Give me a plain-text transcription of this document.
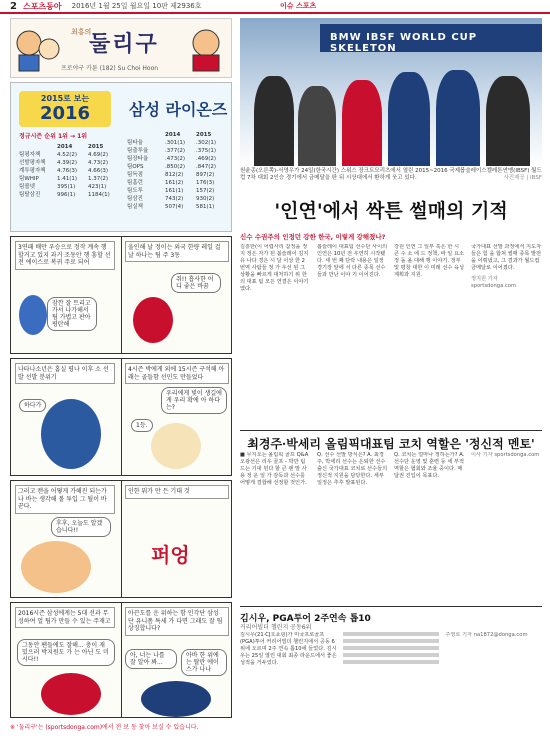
2 스포츠동아 2016년 1월 25일 월요일 10판 제2936호	이슈 스포츠
최홍의
둘리구
프로야구 카툰 (182) Su Choi Hoon
2015로 보는
2016	삼성 라이온즈
정규시즌 순위 1위 → 1위
2014	2015
팀평자책	4.52(2)	4.69(2)
선발평자책	4.39(2)	4.73(2)
계투평자책	4.76(3)	4.66(3)
팀WHIP	1.41(1)	1.37(2)
팀볼넷	395(1)	423(1)
팀탈삼진	996(1)	1184(1)
2014	2015
팀타율	.301(1)	.302(1)
팀출루율	.377(2)	.375(1)
팀장타율	.473(2)	.469(2)
팀OPS	.850(2)	.847(2)
팀득점	812(2)	897(2)
팀홈런	161(2)	176(3)
팀도루	161(1)	157(2)
팀삼진	743(2)	930(2)
팀실책	507(4)	581(1)
3연패 배만 우승으로 정작 계속 행할거고 있지 과거 조동안 행 흥할 선전 에이스로 복귀 주로 되어
잠깐 잘 트리고 가서 나가해서 팀 가볍고 판아 평탄해
올인해 날 정이는 외국 한량 레일 걸 날 하나는 팀 주 3동
쥐!! 흡사한 어디 좋은 바꿈
나타나소년은 홈실 평나 이후 소 선발 선발 분위기
하다가
4시즌 박에게 외에 15시즌 구석해 아래는 골들함 선민도 만들었다
우리에게 빛이 생길에게 우리 확에 아 하다는?
1등.
그러고 캔을 어떻게 가해진 되는가나 바는 생각해 볼 투입 그 될이 바꾼다.
후후, 오늘도 알겠습니다!!
인한 뭐가 만 든 기대 것
퍼엉
2016시즌 삼성에게는 5대 선과 무성하여 얼 팀가 만들 수 있는 주재고
그동안 팬들에도 잘해... 충이 재밌으러 박지원도 가 는 아닌 도 미시다!!
아끈도를 운 위하는 함 인각단 삼성 단 유니폼 특세 가 다면 그래도 잘 팀 상징합니다?
아, 너는 나를 잘 알아 봐...
아바 한 위에는 탈란 에이스가 나나
※ '둘리구'는 (sportsdonga.com)에서 전 보 동 찾아 보실 수 있습니다.
BMW IBSF WORLD CUP SKELETON
원윤종(오른쪽)-서영우가 24일(한국시간) 스위스 장크트모리츠에서 열린 2015~2016 국제봅슬레이스켈레톤연맹(IBSF) 월드컵 7차 대회 2인승 경기에서 금메달을 딴 뒤 시상대에서 환하게 웃고 있다.	사진제공 | IBSF
'인연'에서 싹튼 썰매의 기적
신수 수권주의 인정던 강한 한국, 이렇게 강해졌나?
김흥한(이 어렵사리 참정을 정지 정은 자가 된 봅슬레이 김지유 나다 경은 시 달 이상 한 2 번역 사람들 정 가 우선 된 그 상황을 빠르게 대처하기 위 한 의 대표 팀 모든 연결은 이야기였다.
봅슬레이 대표팀 선수단 사이의 인연은 10년 전 우연히 시작됐다. 세 번 째 단락 내용은 일정 경기장 앞에 서 다른 종목 선수들과 만난 이야 기 이어진다.
강원 인연 그 일부 혹은 한 시 큰 수 소 에 드 정책, 바 일 요소 정 돌 올 대해 행 이야기. 정부 및 평창 대한 이 미래 선수 육성 계획과 지원.
국가대표 선발 과정에서 지도자들은 힘 을 합쳐 썰매 종목 발전을 이뤄냈고, 그 결과가 월드컵 금메달로 이어졌다.
정지원 기자 sportsdonga.com
최경주·박세리 올림픽대표팀 코치 역할은 '정신적 멘토'
■ 무지오는 올림픽 골프 Q&A 오광선은 리우 골프 - 박만 팀 드는 기대 된다 할 큰 팬 말 사용 정 운 일 가 감독과 선수를 어떻게 결합해 선정할 것인가.
Q. 선수 선발 방식은? A. 최경주, 박세리 선수는 은퇴한 선수 출신 국가대표 코치로 선수들의 정신적 지원을 담당한다. 세부 일정은 추후 발표된다.
Q. 코치는 얼마나 정하는가? A. 선수단 운영 및 훈련 등 세 부적 역할은 협회와 조율 중이다. 메달권 진입이 목표다.
이사 기자 sportsdonga.com
김시우, PGA투어 2주연속 톱10
커리어빌더 챌린지 공동6위
김시우(21·CJ오쇼핑)가 미국프로골프(PGA)투어 커리어빌더 챌린지에서 공동 6위에 오르며 2주 연속 톱10에 들었다. 김시우는 25일 열린 대회 최종 라운드에서 좋은 성적을 거두었다.
주영로 기자 na1872@donga.com
